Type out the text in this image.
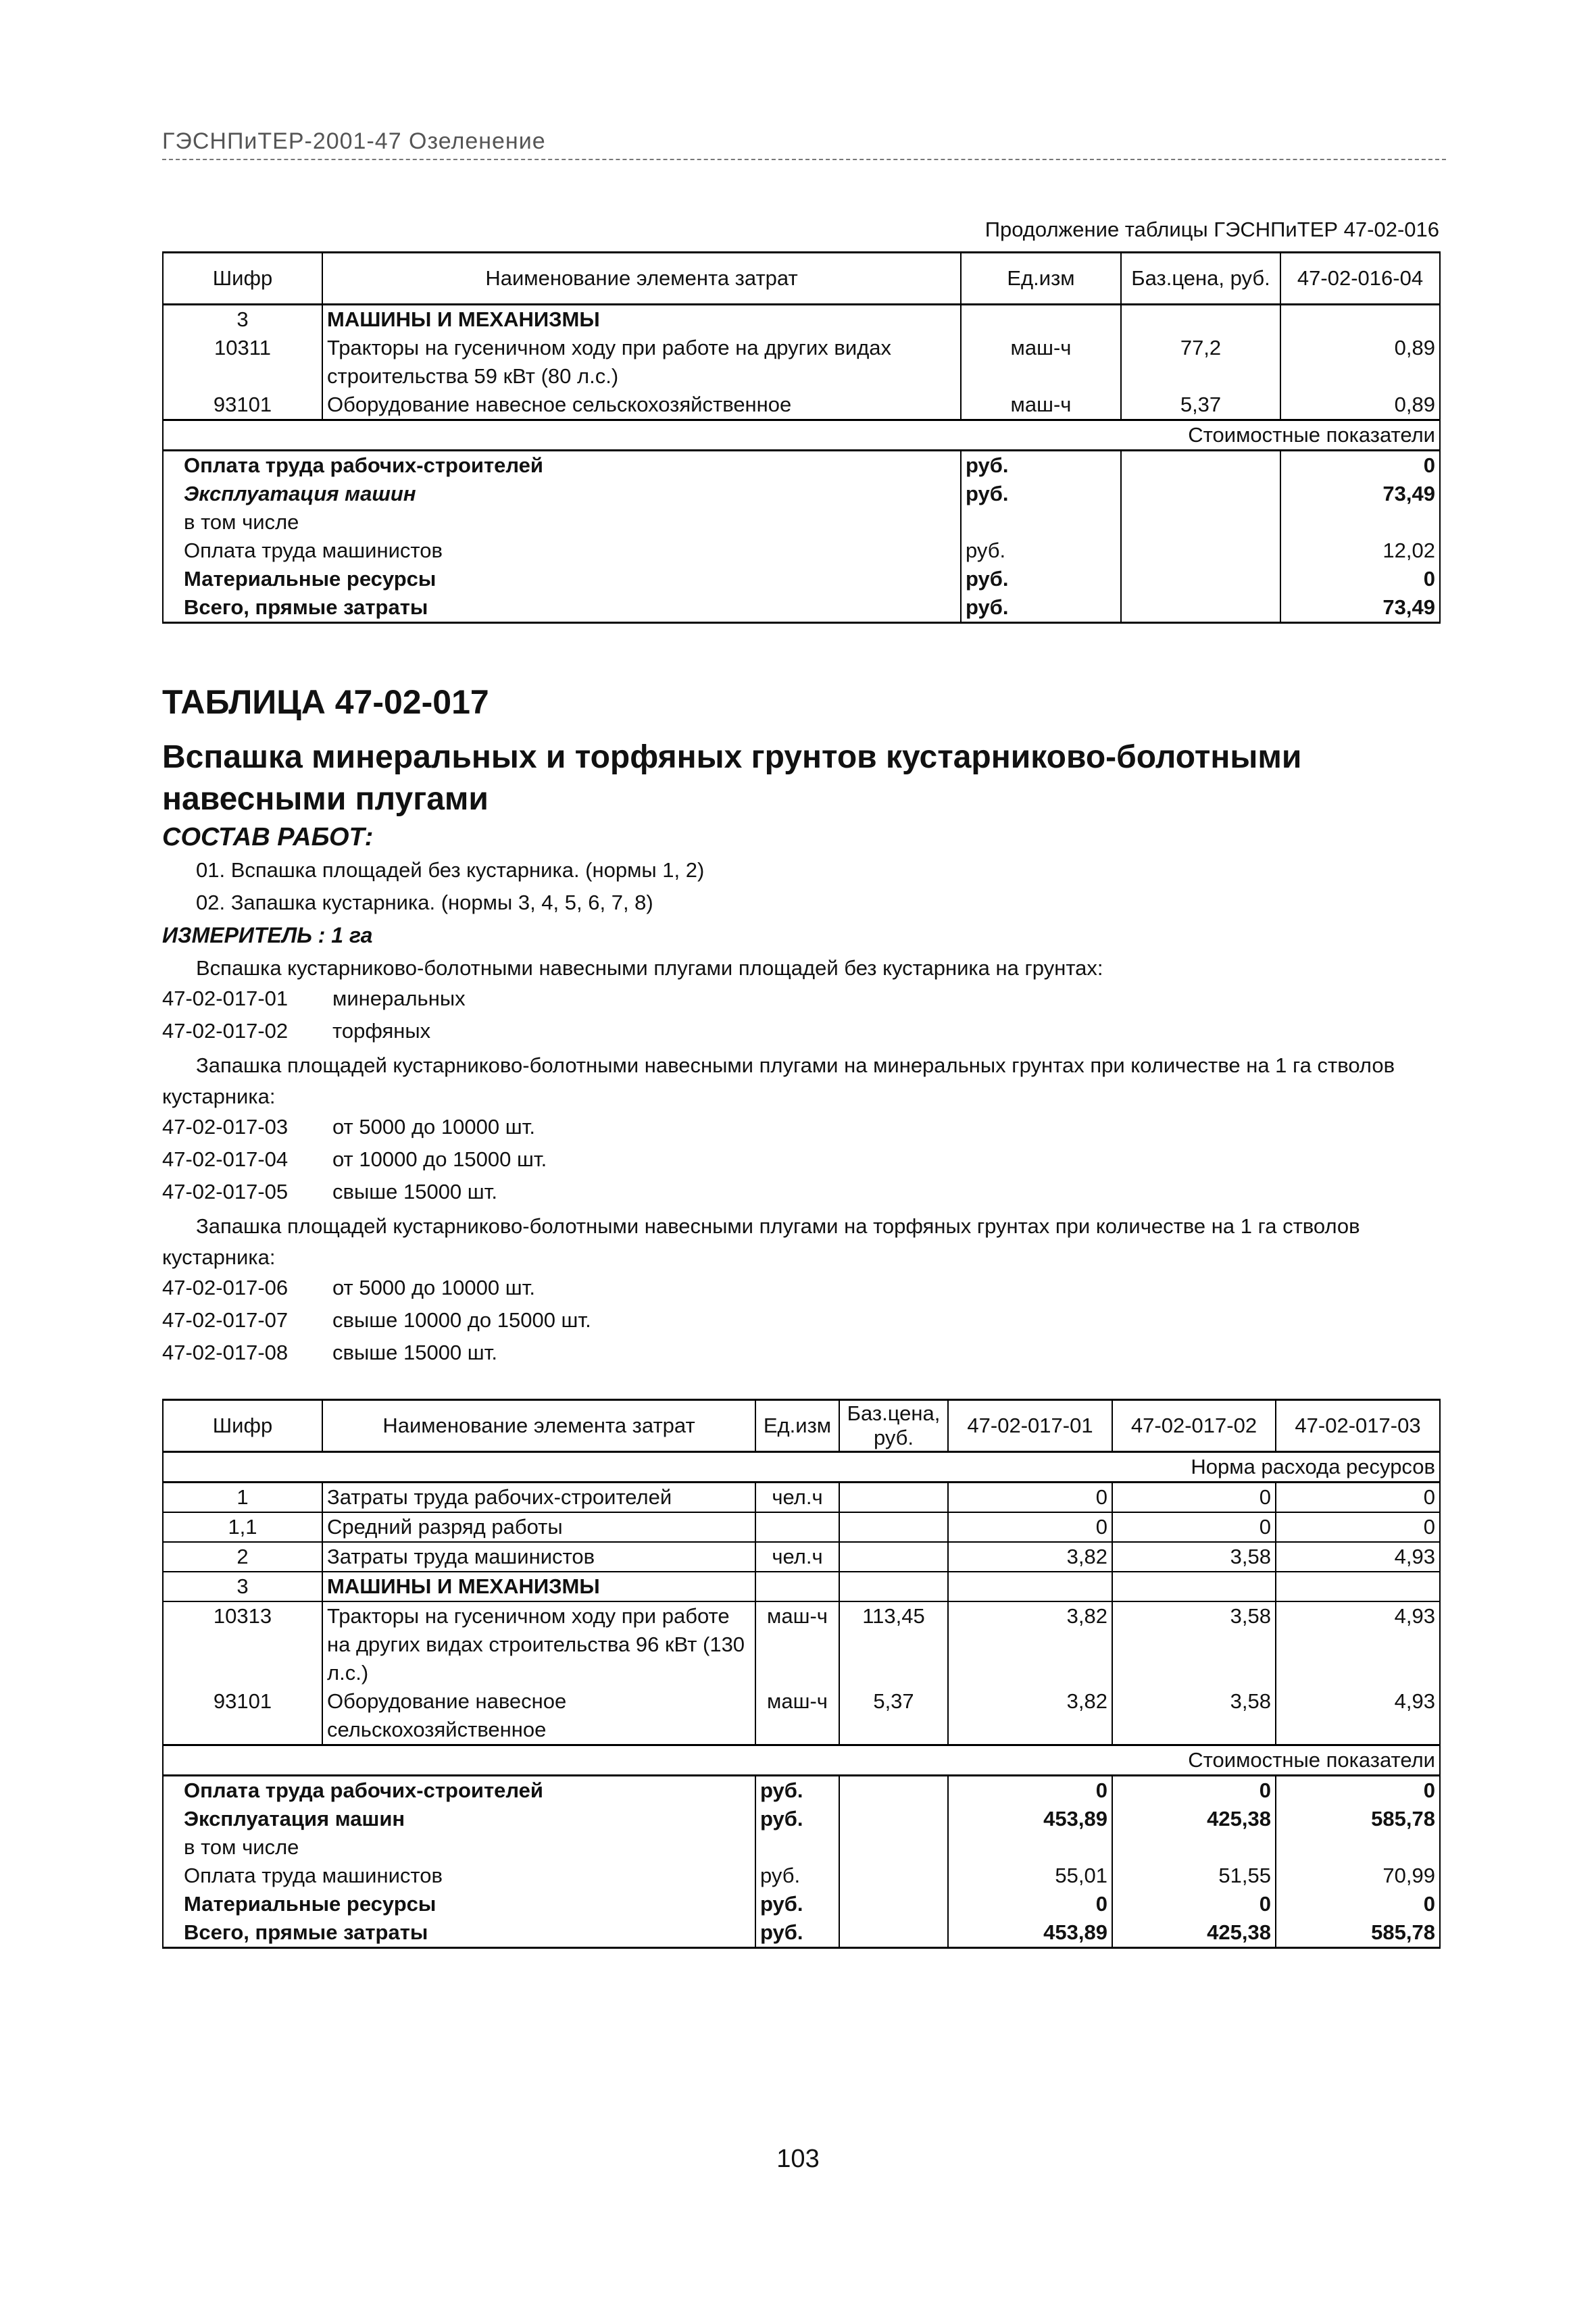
ГЭСНПиТЕР-2001-47 Озеленение
Продолжение таблицы ГЭСНПиТЕР 47-02-016
Шифр	Наименование элемента затрат	Ед.изм	Баз.цена, руб.	47-02-016-04
3	МАШИНЫ И МЕХАНИЗМЫ			
10311	Тракторы на гусеничном ходу при работе на других видах строительства 59 кВт (80 л.с.)	маш-ч	77,2	0,89
93101	Оборудование навесное сельскохозяйственное	маш-ч	5,37	0,89
Стоимостные показатели				
Оплата труда рабочих-строителей		руб.		0
Эксплуатация машин		руб.		73,49
в том числе				
Оплата труда машинистов		руб.		12,02
Материальные ресурсы		руб.		0
Всего, прямые затраты		руб.		73,49
ТАБЛИЦА 47-02-017
Вспашка минеральных и торфяных грунтов кустарниково-болотными навесными плугами
СОСТАВ РАБОТ:
01. Вспашка площадей без кустарника. (нормы 1, 2)
02. Запашка кустарника. (нормы 3, 4, 5, 6, 7, 8)
ИЗМЕРИТЕЛЬ : 1 га
Вспашка кустарниково-болотными навесными плугами площадей без кустарника на грунтах:
47-02-017-01 минеральных
47-02-017-02 торфяных
Запашка площадей кустарниково-болотными навесными плугами на минеральных грунтах при количестве на 1 га стволов кустарника:
47-02-017-03 от 5000 до 10000 шт.
47-02-017-04 от 10000 до 15000 шт.
47-02-017-05 свыше 15000 шт.
Запашка площадей кустарниково-болотными навесными плугами на торфяных грунтах при количестве на 1 га стволов кустарника:
47-02-017-06 от 5000 до 10000 шт.
47-02-017-07 свыше 10000 до 15000 шт.
47-02-017-08 свыше 15000 шт.
Шифр	Наименование элемента затрат	Ед.изм	Баз.цена, руб.	47-02-017-01	47-02-017-02	47-02-017-03
Норма расхода ресурсов						
1	Затраты труда рабочих-строителей	чел.ч		0	0	0
1,1	Средний разряд работы			0	0	0
2	Затраты труда машинистов	чел.ч		3,82	3,58	4,93
3	МАШИНЫ И МЕХАНИЗМЫ					
10313	Тракторы на гусеничном ходу при работе на других видах строительства 96 кВт (130 л.с.)	маш-ч	113,45	3,82	3,58	4,93
93101	Оборудование навесное сельскохозяйственное	маш-ч	5,37	3,82	3,58	4,93
Стоимостные показатели						
Оплата труда рабочих-строителей		руб.		0	0	0
Эксплуатация машин		руб.		453,89	425,38	585,78
в том числе						
Оплата труда машинистов		руб.		55,01	51,55	70,99
Материальные ресурсы		руб.		0	0	0
Всего, прямые затраты		руб.		453,89	425,38	585,78
103
